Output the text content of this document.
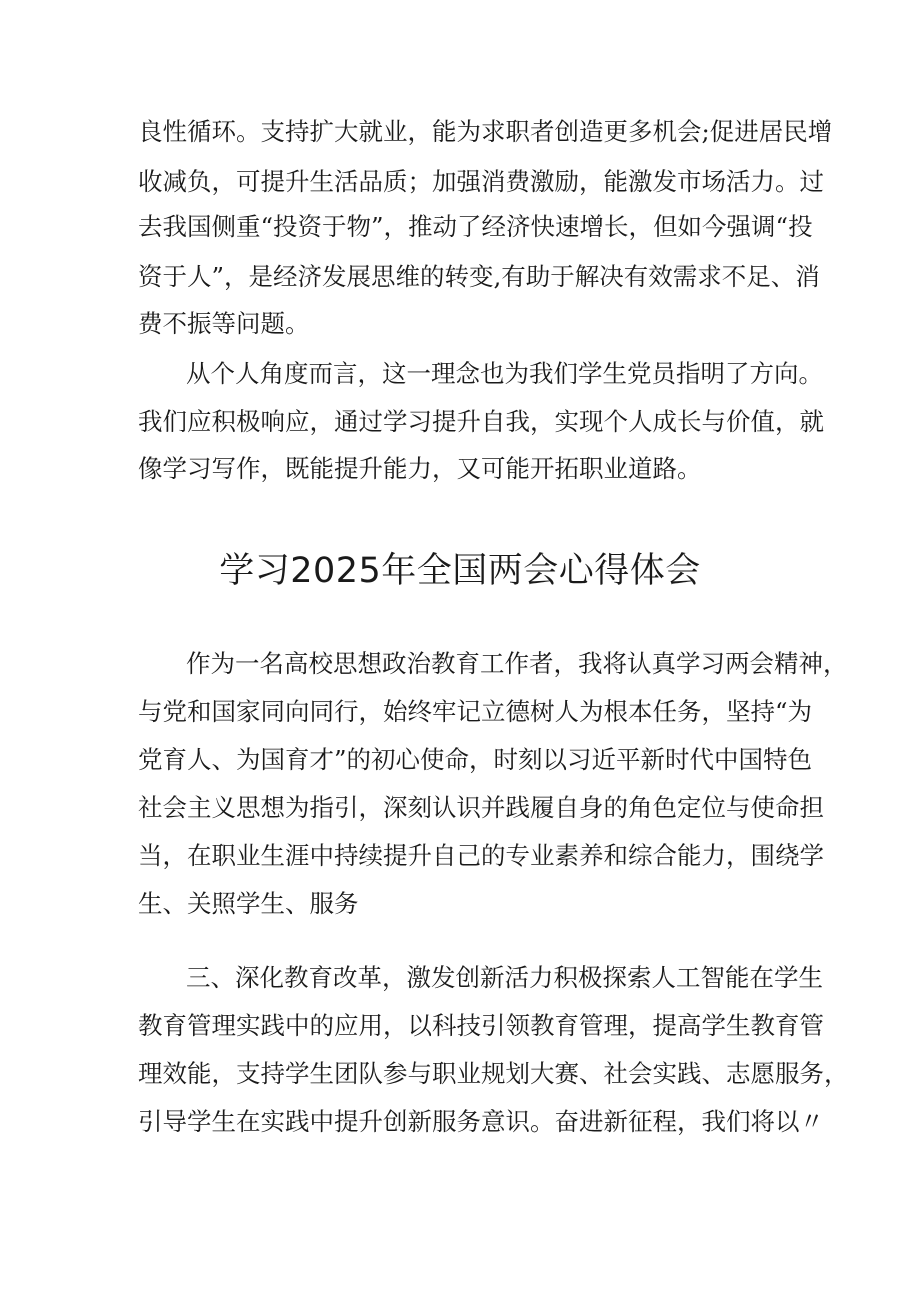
良性循环。支持扩大就业，能为求职者创造更多机会;促进居民增
收减负，可提升生活品质；加强消费激励，能激发市场活力。过
去我国侧重“投资于物”，推动了经济快速增长，但如今强调“投
资于人”，是经济发展思维的转变,有助于解决有效需求不足、消
费不振等问题。
从个人角度而言，这一理念也为我们学生党员指明了方向。
我们应积极响应，通过学习提升自我，实现个人成长与价值，就
像学习写作，既能提升能力，又可能开拓职业道路。
学习2025年全国两会心得体会
作为一名高校思想政治教育工作者，我将认真学习两会精神，
与党和国家同向同行，始终牢记立德树人为根本任务，坚持“为
党育人、为国育才”的初心使命，时刻以习近平新时代中国特色
社会主义思想为指引，深刻认识并践履自身的角色定位与使命担
当，在职业生涯中持续提升自己的专业素养和综合能力，围绕学
生、关照学生、服务
三、深化教育改革，激发创新活力积极探索人工智能在学生
教育管理实践中的应用，以科技引领教育管理，提高学生教育管
理效能，支持学生团队参与职业规划大赛、社会实践、志愿服务，
引导学生在实践中提升创新服务意识。奋进新征程，我们将以〃
